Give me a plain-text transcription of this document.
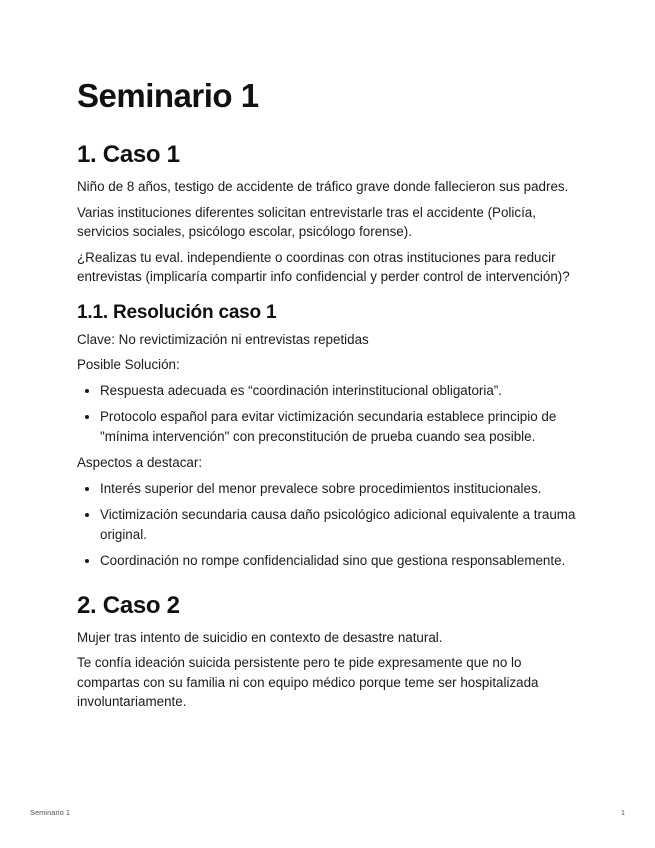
Seminario 1
1. Caso 1

Niño de 8 años, testigo de accidente de tráfico grave donde fallecieron sus padres.

Varias instituciones diferentes solicitan entrevistarle tras el accidente (Policía, servicios sociales, psicólogo escolar, psicólogo forense).

¿Realizas tu eval. independiente o coordinas con otras instituciones para reducir entrevistas (implicaría compartir info confidencial y perder control de intervención)?

1.1. Resolución caso 1

Clave: No revictimización ni entrevistas repetidas

Posible Solución:

• Respuesta adecuada es “coordinación interinstitucional obligatoria”.
• Protocolo español para evitar victimización secundaria establece principio de "mínima intervención" con preconstitución de prueba cuando sea posible.

Aspectos a destacar:

• Interés superior del menor prevalece sobre procedimientos institucionales.
• Victimización secundaria causa daño psicológico adicional equivalente a trauma original.
• Coordinación no rompe confidencialidad sino que gestiona responsablemente.
2. Caso 2

Mujer tras intento de suicidio en contexto de desastre natural.

Te confía ideación suicida persistente pero te pide expresamente que no lo compartas con su familia ni con equipo médico porque teme ser hospitalizada involuntariamente.

Seminario 1	1
